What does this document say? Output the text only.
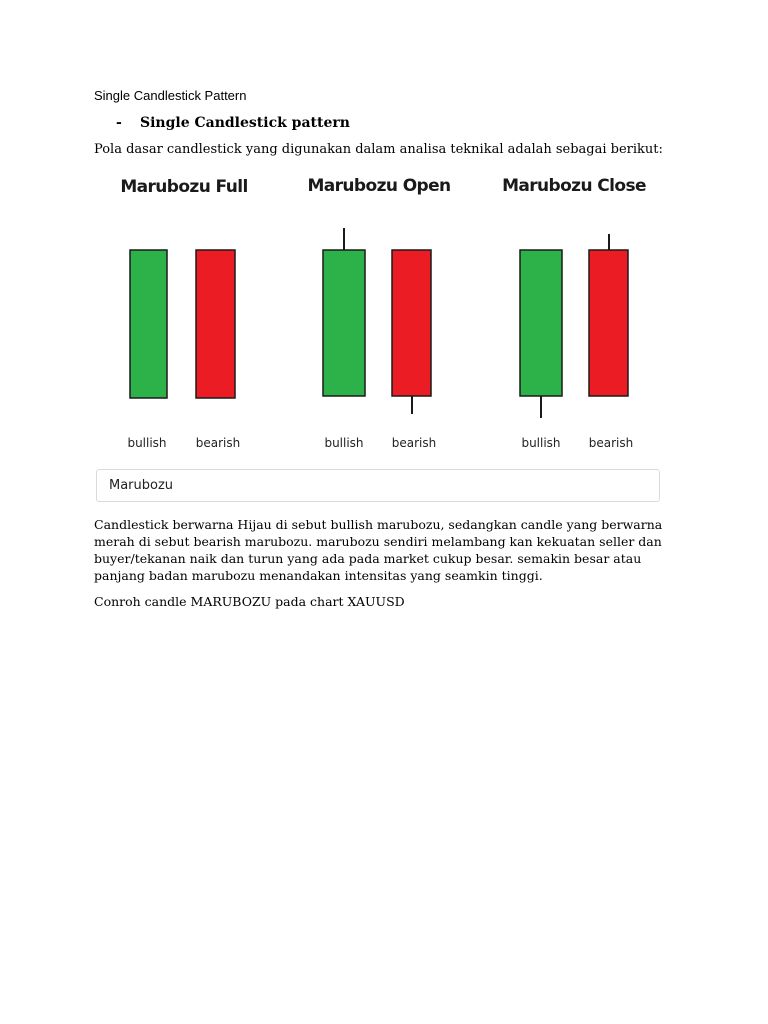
Single Candlestick Pattern
- Single Candlestick pattern
Pola dasar candlestick yang digunakan dalam analisa teknikal adalah sebagai berikut:
Marubozu Full
bullish bearish
Marubozu Open
bullish bearish
Marubozu Close
bullish bearish
Marubozu
Candlestick berwarna Hijau di sebut bullish marubozu, sedangkan candle yang berwarna merah di sebut bearish marubozu. marubozu sendiri melambang kan kekuatan seller dan buyer/tekanan naik dan turun yang ada pada market cukup besar. semakin besar atau panjang badan marubozu menandakan intensitas yang seamkin tinggi.
Conroh candle MARUBOZU pada chart XAUUSD
